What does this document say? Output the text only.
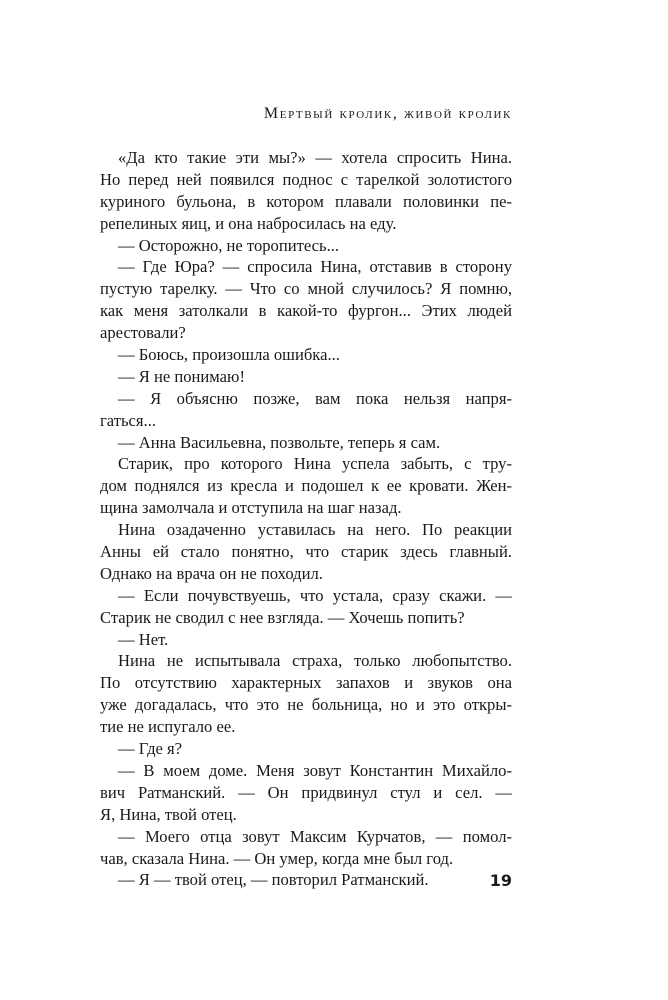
Мертвый кролик, живой кролик
«Да кто такие эти мы?» — хотела спросить Нина.
Но перед ней появился поднос с тарелкой золотистого
куриного бульона, в котором плавали половинки пе-
репелиных яиц, и она набросилась на еду.
— Осторожно, не торопитесь...
— Где Юра? — спросила Нина, отставив в сторону
пустую тарелку. — Что со мной случилось? Я помню,
как меня затолкали в какой-то фургон... Этих людей
арестовали?
— Боюсь, произошла ошибка...
— Я не понимаю!
— Я объясню позже, вам пока нельзя напря-
гаться...
— Анна Васильевна, позвольте, теперь я сам.
Старик, про которого Нина успела забыть, с тру-
дом поднялся из кресла и подошел к ее кровати. Жен-
щина замолчала и отступила на шаг назад.
Нина озадаченно уставилась на него. По реакции
Анны ей стало понятно, что старик здесь главный.
Однако на врача он не походил.
— Если почувствуешь, что устала, сразу скажи. —
Старик не сводил с нее взгляда. — Хочешь попить?
— Нет.
Нина не испытывала страха, только любопытство.
По отсутствию характерных запахов и звуков она
уже догадалась, что это не больница, но и это откры-
тие не испугало ее.
— Где я?
— В моем доме. Меня зовут Константин Михайло-
вич Ратманский. — Он придвинул стул и сел. —
Я, Нина, твой отец.
— Моего отца зовут Максим Курчатов, — помол-
чав, сказала Нина. — Он умер, когда мне был год.
— Я — твой отец, — повторил Ратманский.	19
